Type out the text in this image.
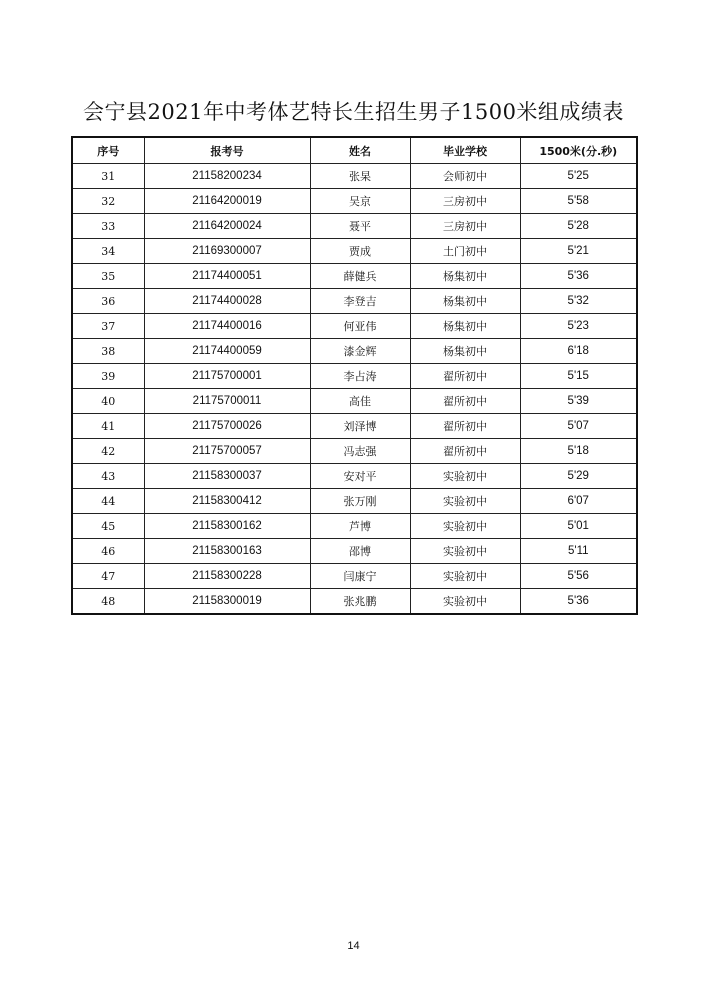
会宁县2021年中考体艺特长生招生男子1500米组成绩表
序号	报考号	姓名	毕业学校	1500米(分.秒)
31	21158200234	张杲	会师初中	5'25
32	21164200019	吴京	三房初中	5'58
33	21164200024	聂平	三房初中	5'28
34	21169300007	贾成	土门初中	5'21
35	21174400051	薛健兵	杨集初中	5'36
36	21174400028	李登吉	杨集初中	5'32
37	21174400016	何亚伟	杨集初中	5'23
38	21174400059	漆金辉	杨集初中	6'18
39	21175700001	李占涛	翟所初中	5'15
40	21175700011	高佳	翟所初中	5'39
41	21175700026	刘泽博	翟所初中	5'07
42	21175700057	冯志强	翟所初中	5'18
43	21158300037	安对平	实验初中	5'29
44	21158300412	张万刚	实验初中	6'07
45	21158300162	芦博	实验初中	5'01
46	21158300163	邵博	实验初中	5'11
47	21158300228	闫康宁	实验初中	5'56
48	21158300019	张兆鹏	实验初中	5'36
14
